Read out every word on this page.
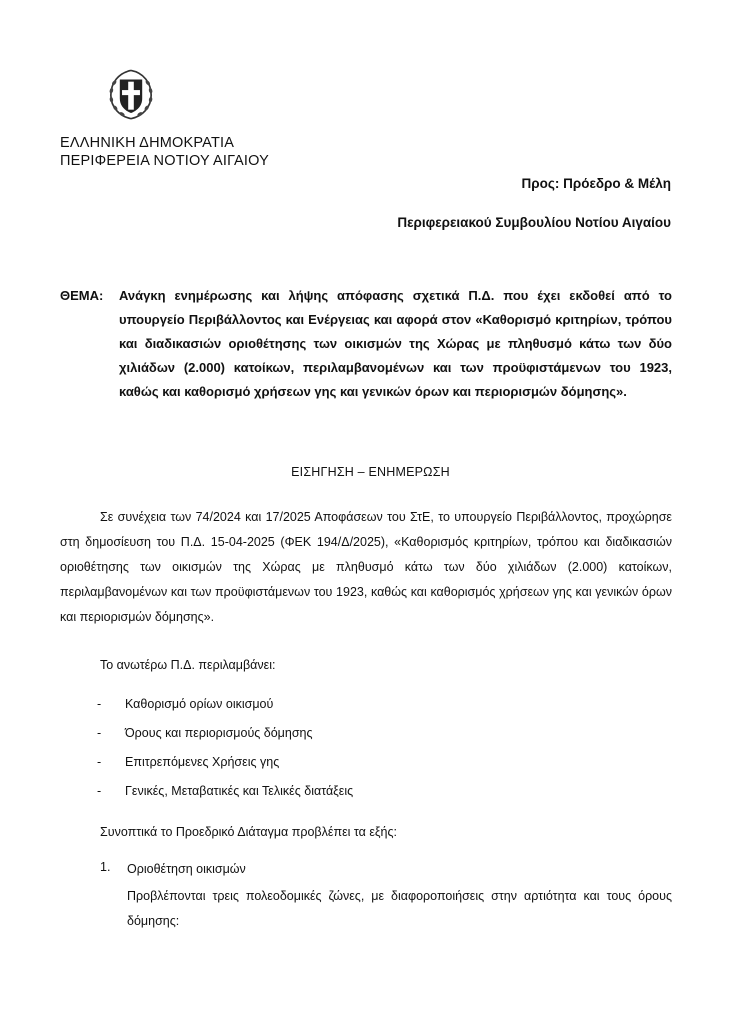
ΕΛΛΗΝΙΚΗ ΔΗΜΟΚΡΑΤΙΑ
ΠΕΡΙΦΕΡΕΙΑ ΝΟΤΙΟΥ ΑΙΓΑΙΟΥ
Προς: Πρόεδρο & Μέλη
Περιφερειακού Συμβουλίου Νοτίου Αιγαίου
ΘΕΜΑ: Ανάγκη ενημέρωσης και λήψης απόφασης σχετικά Π.Δ. που έχει εκδοθεί από το υπουργείο Περιβάλλοντος και Ενέργειας και αφορά στον «Καθορισμό κριτηρίων, τρόπου και διαδικασιών οριοθέτησης των οικισμών της Χώρας με πληθυσμό κάτω των δύο χιλιάδων (2.000) κατοίκων, περιλαμβανομένων και των προϋφιστάμενων του 1923, καθώς και καθορισμό χρήσεων γης και γενικών όρων και περιορισμών δόμησης».
ΕΙΣΗΓΗΣΗ – ΕΝΗΜΕΡΩΣΗ
Σε συνέχεια των 74/2024 και 17/2025 Αποφάσεων του ΣτΕ, το υπουργείο Περιβάλλοντος, προχώρησε στη δημοσίευση του Π.Δ. 15-04-2025 (ΦΕΚ 194/Δ/2025), «Καθορισμός κριτηρίων, τρόπου και διαδικασιών οριοθέτησης των οικισμών της Χώρας με πληθυσμό κάτω των δύο χιλιάδων (2.000) κατοίκων, περιλαμβανομένων και των προϋφιστάμενων του 1923, καθώς και καθορισμός χρήσεων γης και γενικών όρων και περιορισμών δόμησης».
Το ανωτέρω Π.Δ. περιλαμβάνει:
- Καθορισμό ορίων οικισμού
- Όρους και περιορισμούς δόμησης
- Επιτρεπόμενες Χρήσεις γης
- Γενικές, Μεταβατικές και Τελικές διατάξεις
Συνοπτικά το Προεδρικό Διάταγμα προβλέπει τα εξής:
1. Οριοθέτηση οικισμών
Προβλέπονται τρεις πολεοδομικές ζώνες, με διαφοροποιήσεις στην αρτιότητα και τους όρους δόμησης:
